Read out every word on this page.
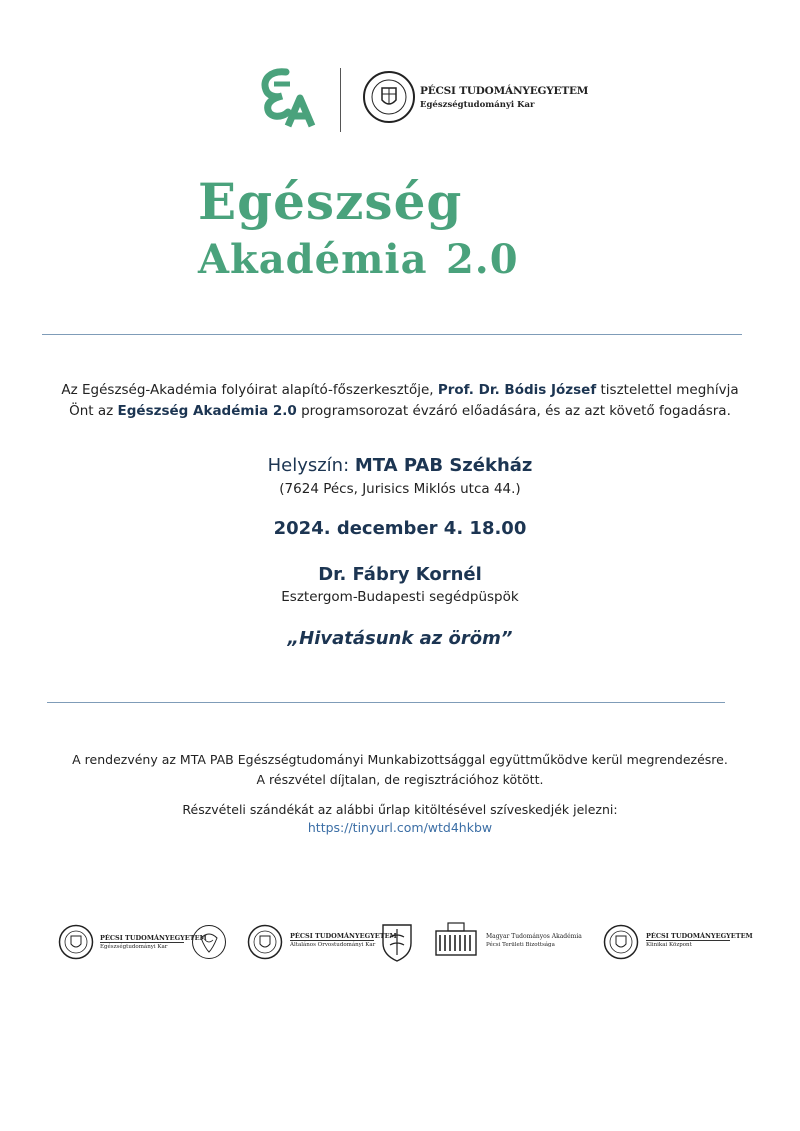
PÉCSI TUDOMÁNYEGYETEM
Egészségtudományi Kar
Egészség
Akadémia 2.0
Az Egészség-Akadémia folyóirat alapító-főszerkesztője, Prof. Dr. Bódis József tisztelettel meghívja
Önt az Egészség Akadémia 2.0 programsorozat évzáró előadására, és az azt követő fogadásra.
Helyszín: MTA PAB Székház
(7624 Pécs, Jurisics Miklós utca 44.)
2024. december 4. 18.00
Dr. Fábry Kornél
Esztergom-Budapesti segédpüspök
„Hivatásunk az öröm”
A rendezvény az MTA PAB Egészségtudományi Munkabizottsággal együttműködve kerül megrendezésre.
A részvétel díjtalan, de regisztrációhoz kötött.
Részvételi szándékát az alábbi űrlap kitöltésével szíveskedjék jelezni:
https://tinyurl.com/wtd4hkbw
PÉCSI TUDOMÁNYEGYETEM
Egészségtudományi Kar
PÉCSI TUDOMÁNYEGYETEM
Általános Orvostudományi Kar
Magyar Tudományos Akadémia
Pécsi Területi Bizottsága
PÉCSI TUDOMÁNYEGYETEM
Klinikai Központ
